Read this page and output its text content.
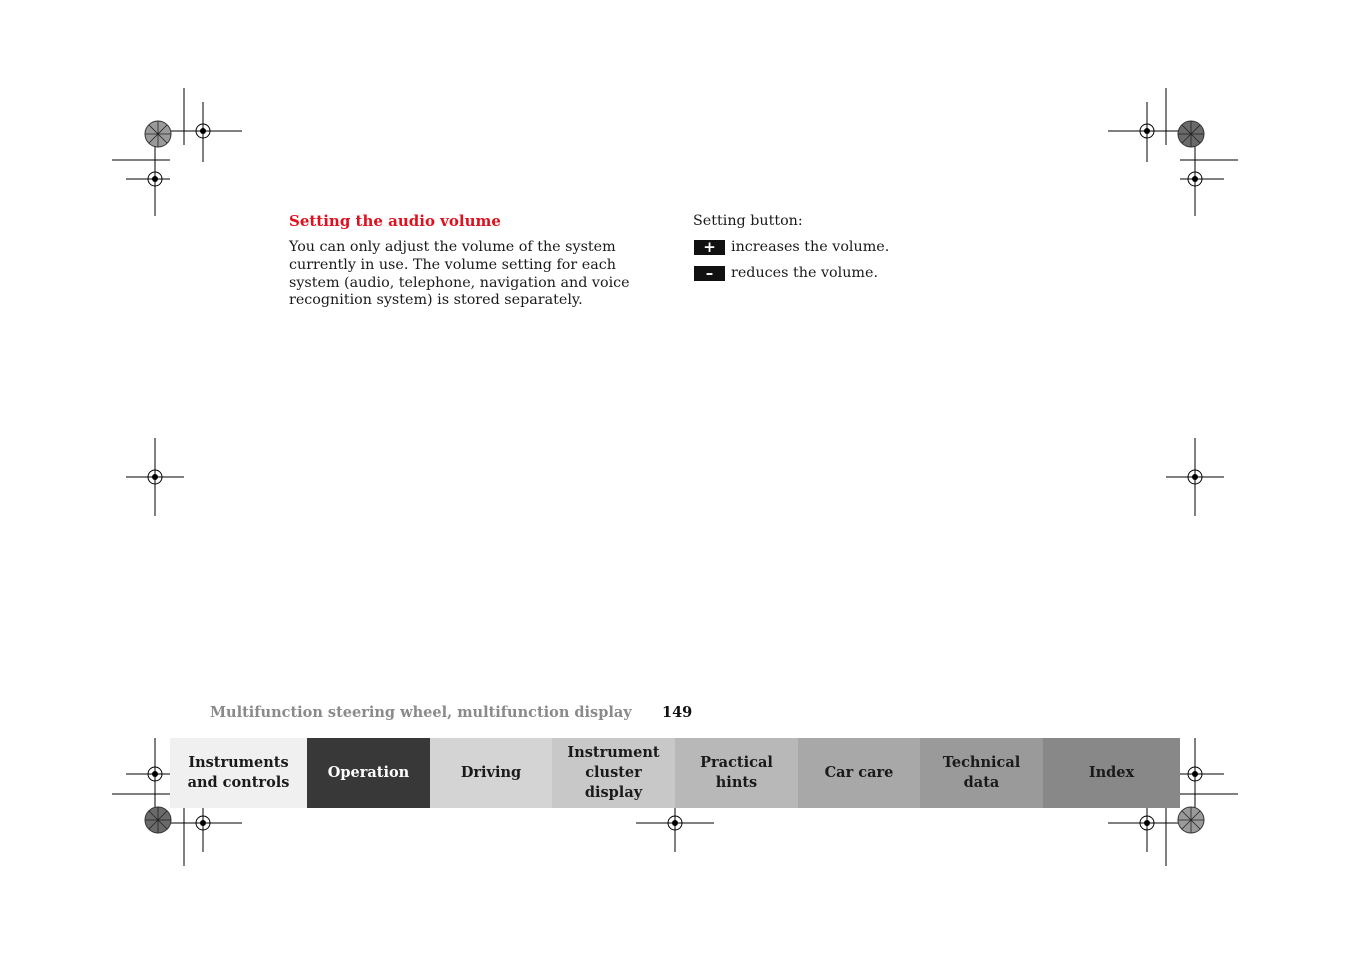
Setting the audio volume
You can only adjust the volume of the system currently in use. The volume setting for each system (audio, telephone, navigation and voice recognition system) is stored separately.
Setting button:
+	increases the volume.
–	reduces the volume.
Multifunction steering wheel, multifunction display 149
Instruments
and controls
Operation	Driving
Instrument
cluster display
Practical hints
Car care
Technical
data
Index
